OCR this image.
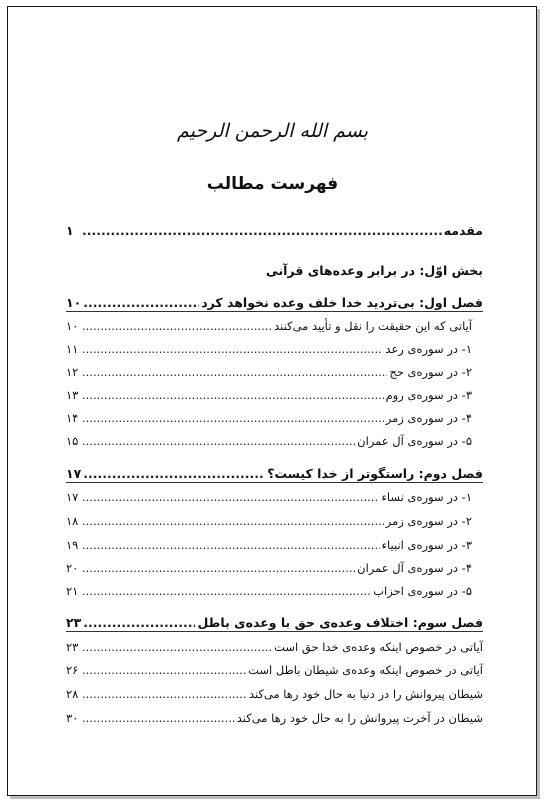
بسم الله الرحمن الرحیم
فهرست مطالب
مقدمه
.....
۱
بخش اوّل: در برابر وعده‌های قرآنی
فصل اول: بی‌تردید خدا خلف وعده نخواهد کرد
.....
۱۰
آیاتی که این حقیقت را نقل و تأیید می‌کنند
.....
۱۰
۱- در سوره‌ی رعد
.....
۱۱
۲- در سوره‌ی حج
.....
۱۲
۳- در سوره‌ی روم
.....
۱۳
۴- در سوره‌ی زمر
.....
۱۴
۵- در سوره‌ی آل عمران
.....
۱۵
فصل دوم: راستگوتر از خدا کیست؟
.....
۱۷
۱- در سوره‌ی نساء
.....
۱۷
۲- در سوره‌ی زمر
.....
۱۸
۳- در سوره‌ی انبیاء
.....
۱۹
۴- در سوره‌ی آل عمران
.....
۲۰
۵- در سوره‌ی احزاب
.....
۲۱
فصل سوم: اختلاف وعده‌ی حق با وعده‌ی باطل
.....
۲۳
آیاتی در خصوص اینکه وعده‌ی خدا حق است
.....
۲۳
آیاتی در خصوص اینکه وعده‌ی شیطان باطل است
.....
۲۶
شیطان پیروانش را در دنیا به حال خود رها می‌کند
.....
۲۸
شیطان در آخرت پیروانش را به حال خود رها می‌کند
.....
۳۰
